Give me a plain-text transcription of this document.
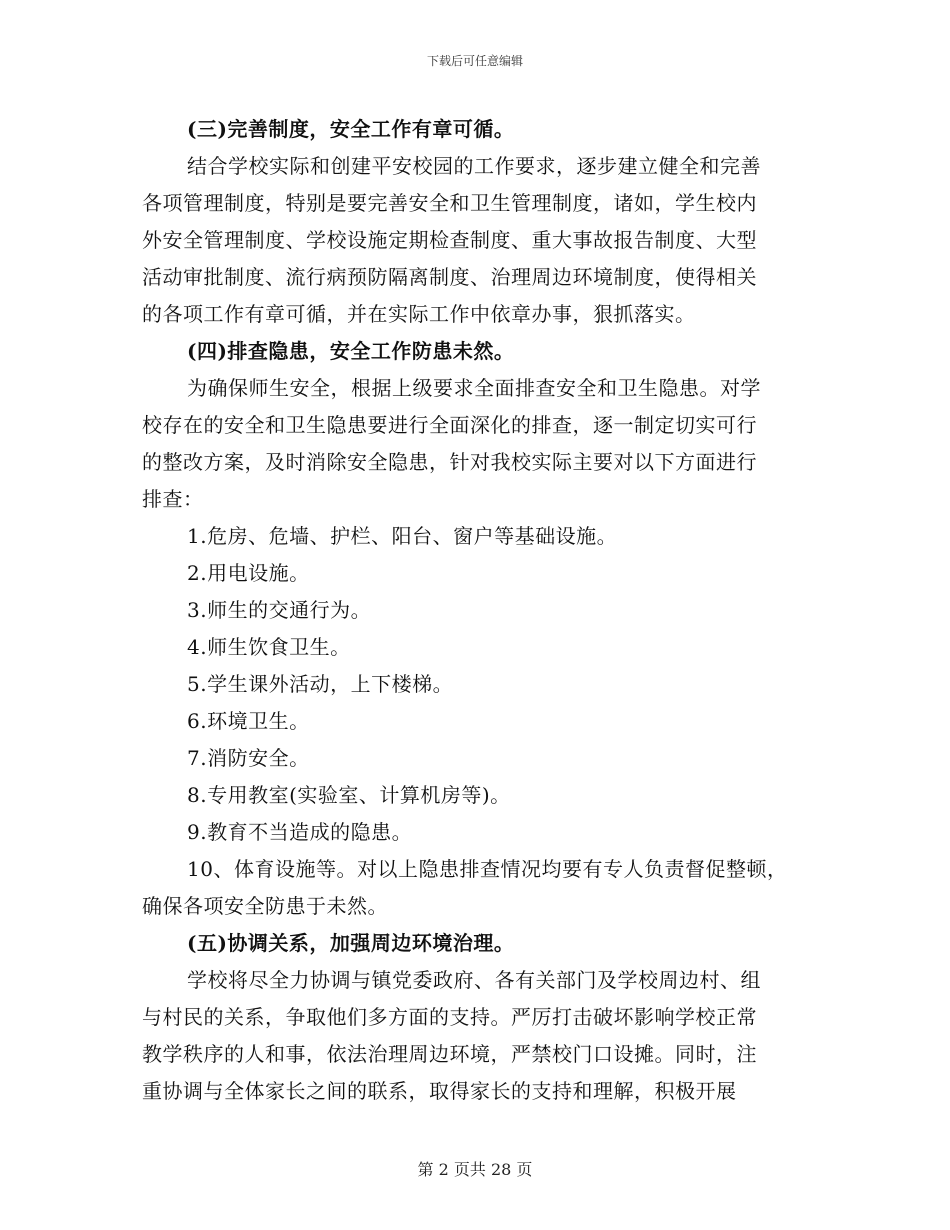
下载后可任意编辑
(三)完善制度，安全工作有章可循。
结合学校实际和创建平安校园的工作要求，逐步建立健全和完善
各项管理制度，特别是要完善安全和卫生管理制度，诸如，学生校内
外安全管理制度、学校设施定期检查制度、重大事故报告制度、大型
活动审批制度、流行病预防隔离制度、治理周边环境制度，使得相关
的各项工作有章可循，并在实际工作中依章办事，狠抓落实。
(四)排查隐患，安全工作防患未然。
为确保师生安全，根据上级要求全面排查安全和卫生隐患。对学
校存在的安全和卫生隐患要进行全面深化的排查，逐一制定切实可行
的整改方案，及时消除安全隐患，针对我校实际主要对以下方面进行
排查：
1.危房、危墙、护栏、阳台、窗户等基础设施。
2.用电设施。
3.师生的交通行为。
4.师生饮食卫生。
5.学生课外活动，上下楼梯。
6.环境卫生。
7.消防安全。
8.专用教室(实验室、计算机房等)。
9.教育不当造成的隐患。
10、体育设施等。对以上隐患排查情况均要有专人负责督促整顿，
确保各项安全防患于未然。
(五)协调关系，加强周边环境治理。
学校将尽全力协调与镇党委政府、各有关部门及学校周边村、组
与村民的关系，争取他们多方面的支持。严厉打击破坏影响学校正常
教学秩序的人和事，依法治理周边环境，严禁校门口设摊。同时，注
重协调与全体家长之间的联系，取得家长的支持和理解，积极开展
第 2 页共 28 页
